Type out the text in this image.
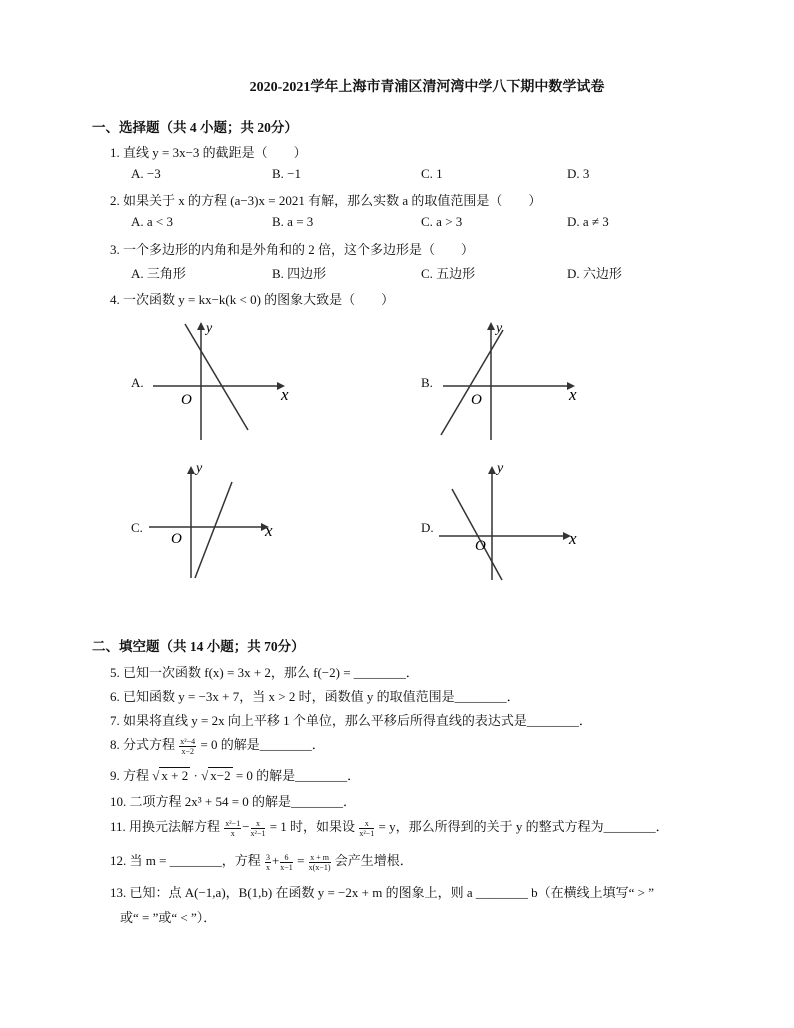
2020-2021学年上海市青浦区清河湾中学八下期中数学试卷
一、选择题（共 4 小题；共 20分）
1. 直线 y = 3x−3 的截距是（　　）
A. −3	B. −1	C. 1	D. 3
2. 如果关于 x 的方程 (a−3)x = 2021 有解，那么实数 a 的取值范围是（　　）
A. a < 3	B. a = 3	C. a > 3	D. a ≠ 3
3. 一个多边形的内角和是外角和的 2 倍，这个多边形是（　　）
A. 三角形	B. 四边形	C. 五边形	D. 六边形
4. 一次函数 y = kx−k(k < 0) 的图象大致是（　　）
A.
x
y
O
B.
x
y
O
C.	x
y
O
D.
x
y
O
二、填空题（共 14 小题；共 70分）
5. 已知一次函数 f(x) = 3x + 2，那么 f(−2) = ________．
6. 已知函数 y = −3x + 7，当 x > 2 时，函数值 y 的取值范围是________．
7. 如果将直线 y = 2x 向上平移 1 个单位，那么平移后所得直线的表达式是________．
8. 分式方程 $\frac{\text{x²−4}}{x-2} = 0$ 的解是________．
9. 方程 √ x + 2 · √ x−2 = 0 的解是________．
10. 二项方程 2x³ + 54 = 0 的解是________．
11. 用换元法解方程 $\frac{\text{x²−1}}{x} - \frac{x}{\text{x²−1}} = 1$ 时，如果设 $\frac{x}{\text{x²−1}} = y$，那么所得到的关于 y 的整式方程为________．
12. 当 m = ________，方程 $\frac{3}{x} + \frac{6}{x-1} = \frac{x + m}{x(x-1)}$ 会产生增根．
13. 已知：点 A(−1,a)，B(1,b) 在函数 y = −2x + m 的图象上，则 a ________ b（在横线上填写“ > ”
或“ = ”或“ < ”）．
